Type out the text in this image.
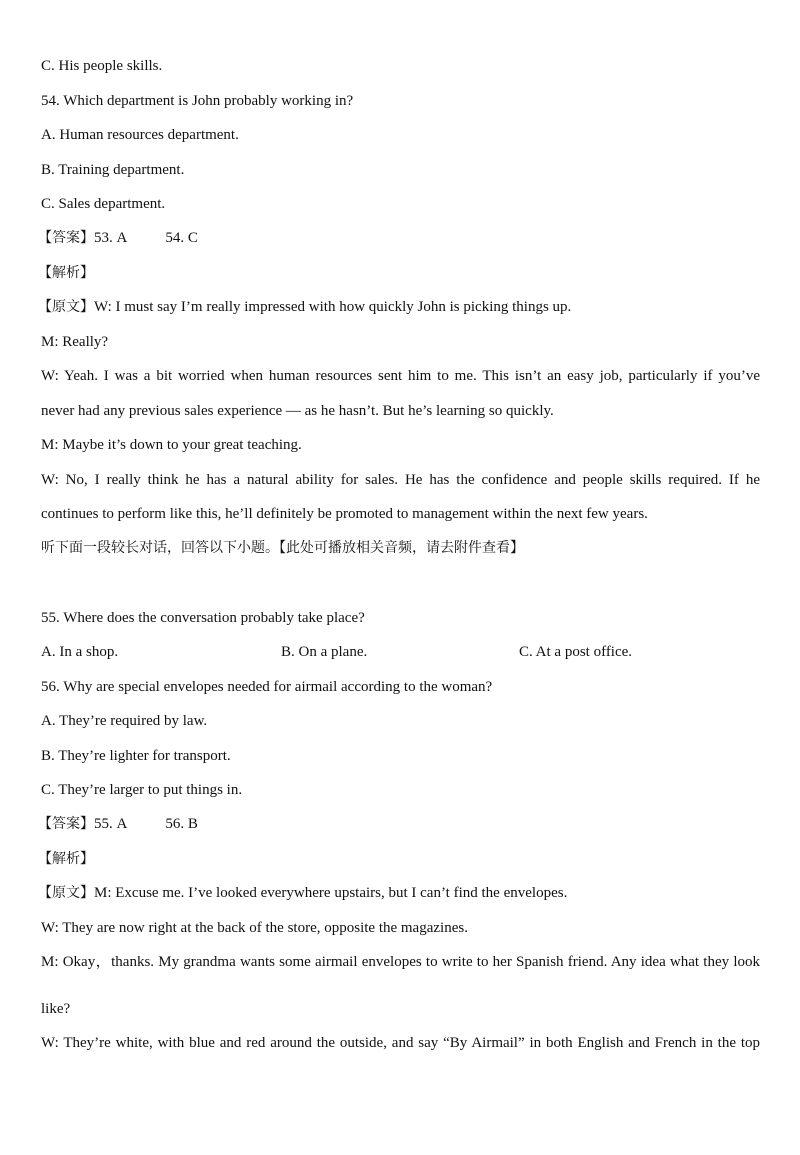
C. His people skills.
54. Which department is John probably working in?
A. Human resources department.
B. Training department.
C. Sales department.
【答案】53. A	54. C
【解析】
【原文】W: I must say I’m really impressed with how quickly John is picking things up.
M: Really?
W: Yeah. I was a bit worried when human resources sent him to me. This isn’t an easy job, particularly if you’ve
never had any previous sales experience — as he hasn’t. But he’s learning so quickly.
M: Maybe it’s down to your great teaching.
W: No, I really think he has a natural ability for sales. He has the confidence and people skills required. If he
continues to perform like this, he’ll definitely be promoted to management within the next few years.
听下面一段较长对话，回答以下小题。【此处可播放相关音频，请去附件查看】
55. Where does the conversation probably take place?
A. In a shop.	B. On a plane.	C. At a post office.
56. Why are special envelopes needed for airmail according to the woman?
A. They’re required by law.
B. They’re lighter for transport.
C. They’re larger to put things in.
【答案】55. A	56. B
【解析】
【原文】M: Excuse me. I’ve looked everywhere upstairs, but I can’t find the envelopes.
W: They are now right at the back of the store, opposite the magazines.
M: Okay，thanks. My grandma wants some airmail envelopes to write to her Spanish friend. Any idea what they look
like?
W: They’re white, with blue and red around the outside, and say “By Airmail” in both English and French in the top
